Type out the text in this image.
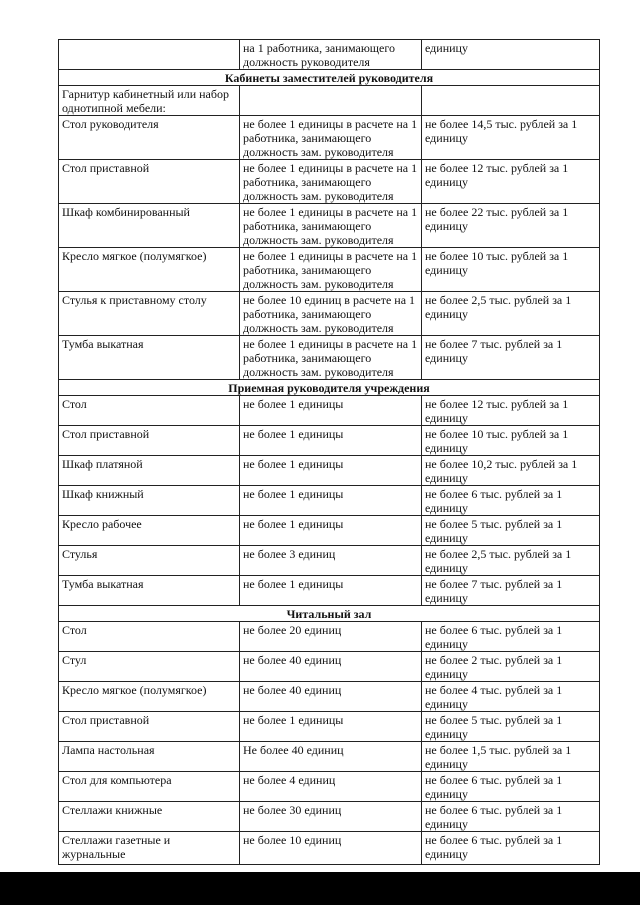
	на 1 работника, занимающего должность руководителя	единицу
Кабинеты заместителей руководителя		
Гарнитур кабинетный или набор однотипной мебели:		
Стол руководителя	не более 1 единицы в расчете на 1 работника, занимающего должность зам. руководителя	не более 14,5 тыс. рублей за 1 единицу
Стол приставной	не более 1 единицы в расчете на 1 работника, занимающего должность зам. руководителя	не более 12 тыс. рублей за 1 единицу
Шкаф комбинированный	не более 1 единицы в расчете на 1 работника, занимающего должность зам. руководителя	не более 22 тыс. рублей за 1 единицу
Кресло мягкое (полумягкое)	не более 1 единицы в расчете на 1 работника, занимающего должность зам. руководителя	не более 10 тыс. рублей за 1 единицу
Стулья к приставному столу	не более 10 единиц в расчете на 1 работника, занимающего должность зам. руководителя	не более 2,5 тыс. рублей за 1 единицу
Тумба выкатная	не более 1 единицы в расчете на 1 работника, занимающего должность зам. руководителя	не более 7 тыс. рублей за 1 единицу
Приемная руководителя учреждения		
Стол	не более 1 единицы	не более 12 тыс. рублей за 1 единицу
Стол приставной	не более 1 единицы	не более 10 тыс. рублей за 1 единицу
Шкаф платяной	не более 1 единицы	не более 10,2 тыс. рублей за 1 единицу
Шкаф книжный	не более 1 единицы	не более 6 тыс. рублей за 1 единицу
Кресло рабочее	не более 1 единицы	не более 5 тыс. рублей за 1 единицу
Стулья	не более 3 единиц	не более 2,5 тыс. рублей за 1 единицу
Тумба выкатная	не более 1 единицы	не более 7 тыс. рублей за 1 единицу
Читальный зал		
Стол	не более 20 единиц	не более 6 тыс. рублей за 1 единицу
Стул	не более 40 единиц	не более 2 тыс. рублей за 1 единицу
Кресло мягкое (полумягкое)	не более 40 единиц	не более 4 тыс. рублей за 1 единицу
Стол приставной	не более 1 единицы	не более 5 тыс. рублей за 1 единицу
Лампа настольная	Не более 40 единиц	не более 1,5 тыс. рублей за 1 единицу
Стол для компьютера	не более 4 единиц	не более 6 тыс. рублей за 1 единицу
Стеллажи книжные	не более 30 единиц	не более 6 тыс. рублей за 1 единицу
Стеллажи газетные и журнальные	не более 10 единиц	не более 6 тыс. рублей за 1 единицу
